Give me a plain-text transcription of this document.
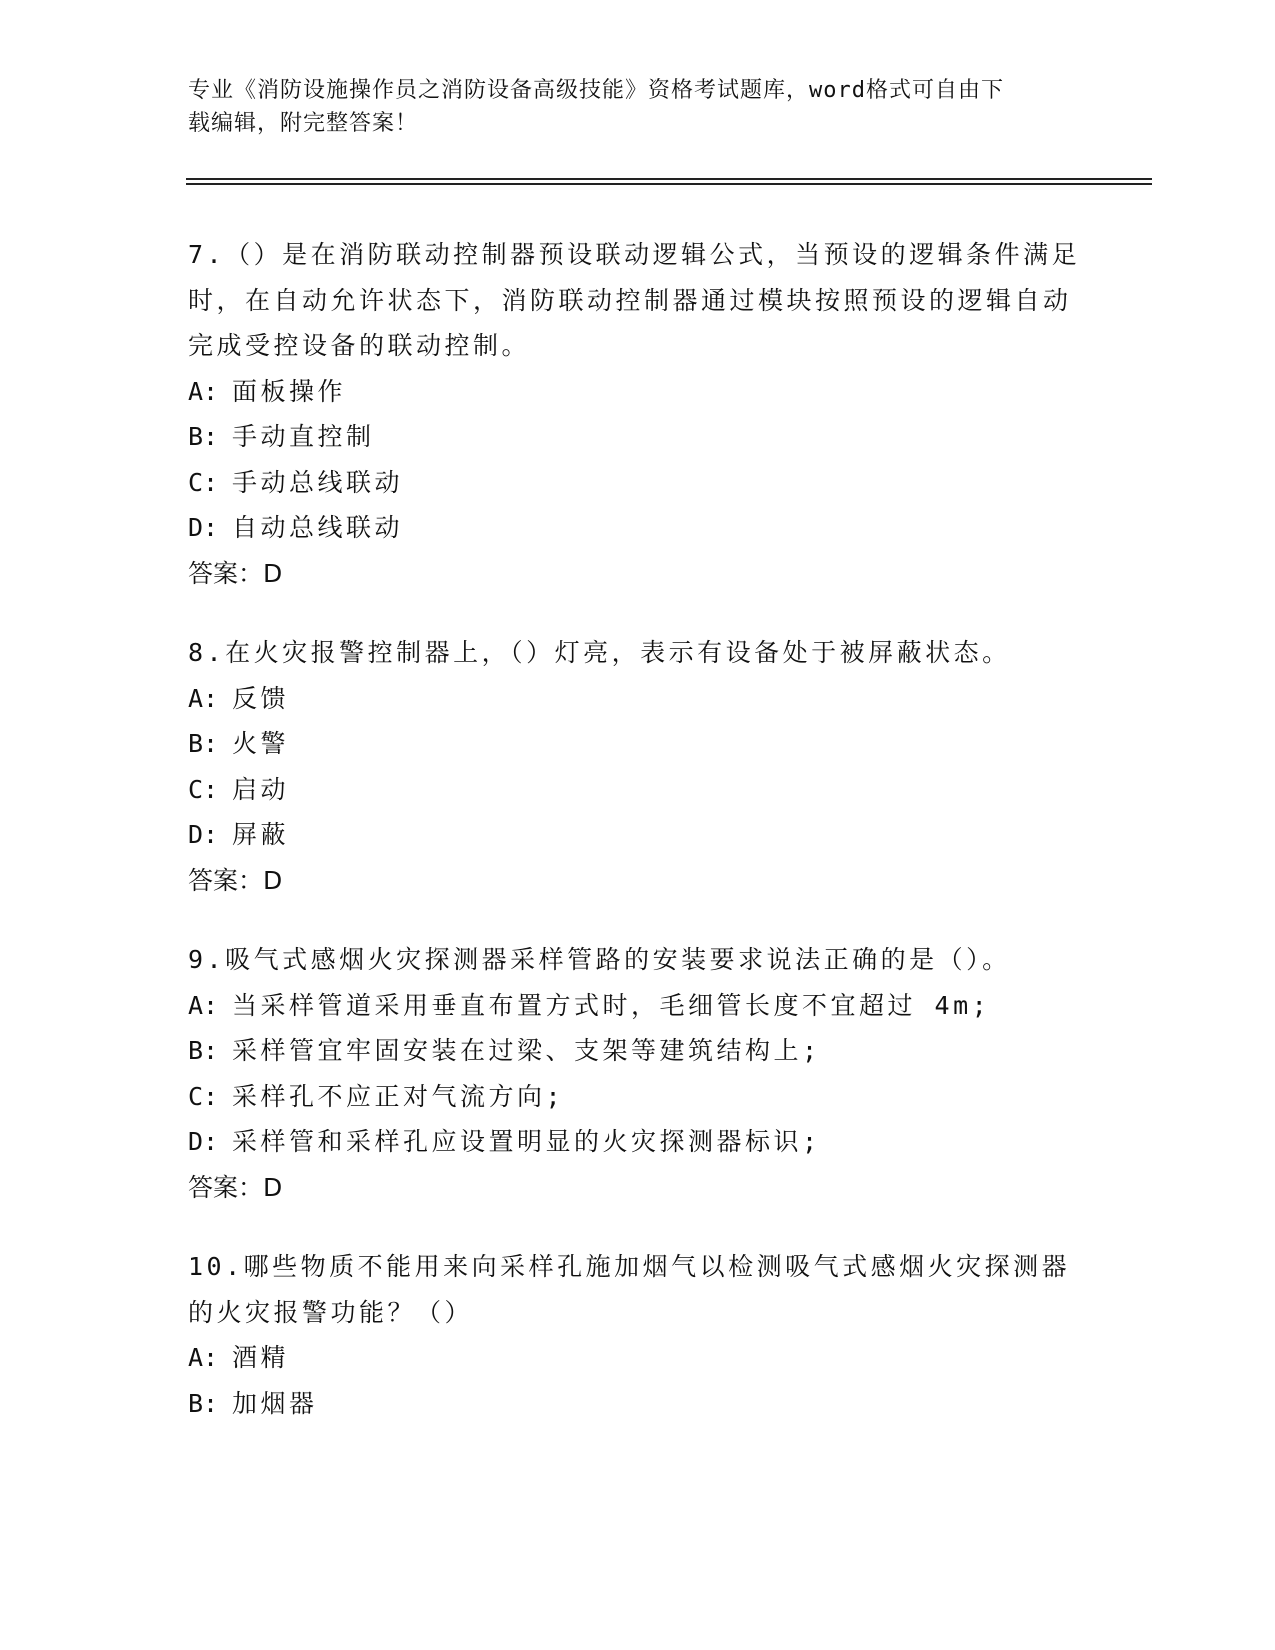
专业《消防设施操作员之消防设备高级技能》资格考试题库，word格式可自由下
载编辑，附完整答案！

7.（）是在消防联动控制器预设联动逻辑公式，当预设的逻辑条件满足时，在自动允许状态下，消防联动控制器通过模块按照预设的逻辑自动完成受控设备的联动控制。

A: 面板操作

B: 手动直控制

C: 手动总线联动

D: 自动总线联动

答案：D

8.在火灾报警控制器上，（）灯亮，表示有设备处于被屏蔽状态。

A: 反馈

B: 火警

C: 启动

D: 屏蔽

答案：D

9.吸气式感烟火灾探测器采样管路的安装要求说法正确的是（）。

A: 当采样管道采用垂直布置方式时，毛细管长度不宜超过 4m;

B: 采样管宜牢固安装在过梁、支架等建筑结构上;

C: 采样孔不应正对气流方向;

D: 采样管和采样孔应设置明显的火灾探测器标识;

答案：D

10.哪些物质不能用来向采样孔施加烟气以检测吸气式感烟火灾探测器的火灾报警功能？（）

A: 酒精

B: 加烟器
